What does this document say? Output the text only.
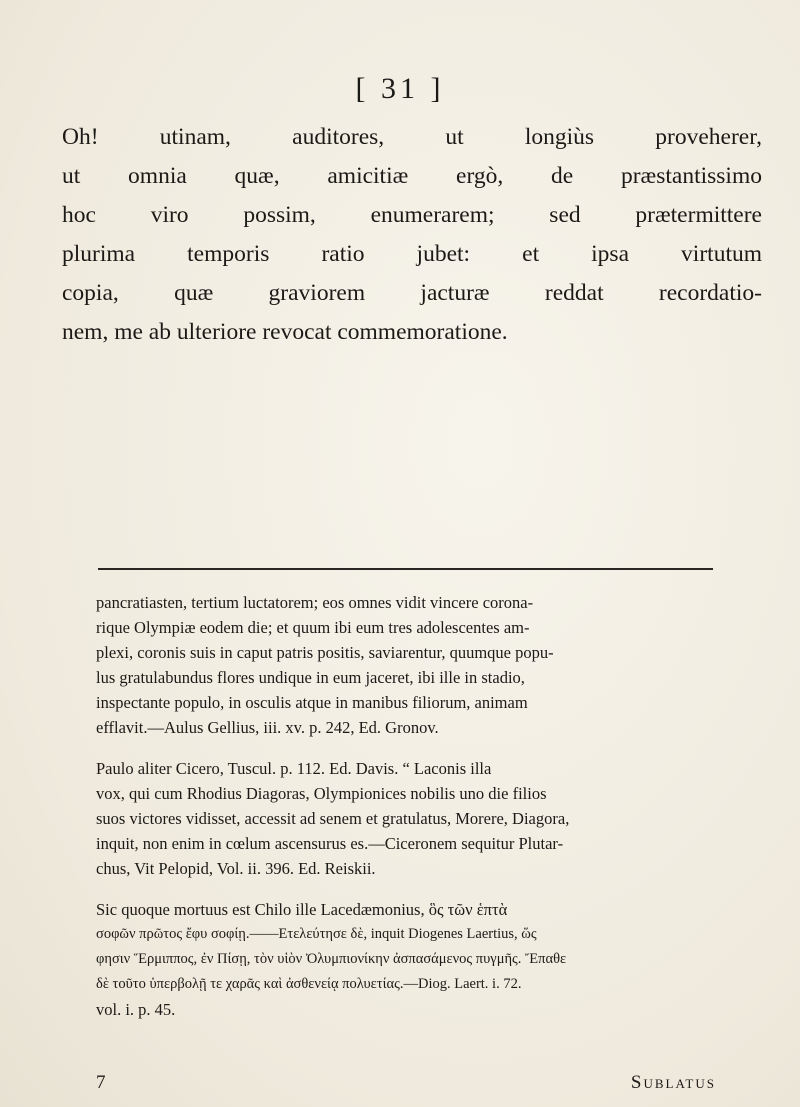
[ 31 ]

Oh! utinam, auditores, ut longiùs proveherer,
ut omnia quæ, amicitiæ ergò, de præstantissimo
hoc viro possim, enumerarem; sed prætermittere
plurima temporis ratio jubet: et ipsa virtutum
copia, quæ graviorem jacturæ reddat recordatio-
nem, me ab ulteriore revocat commemoratione.

pancratiasten, tertium luctatorem; eos omnes vidit vincere corona-
rique Olympiæ eodem die; et quum ibi eum tres adolescentes am-
plexi, coronis suis in caput patris positis, saviarentur, quumque popu-
lus gratulabundus flores undique in eum jaceret, ibi ille in stadio,
inspectante populo, in osculis atque in manibus filiorum, animam
efflavit.—Aulus Gellius, iii. xv. p. 242, Ed. Gronov.
Paulo aliter Cicero, Tuscul. p. 112. Ed. Davis. “ Laconis illa
vox, qui cum Rhodius Diagoras, Olympionices nobilis uno die filios
suos victores vidisset, accessit ad senem et gratulatus, Morere, Diagora,
inquit, non enim in cœlum ascensurus es.—Ciceronem sequitur Plutar-
chus, Vit Pelopid, Vol. ii. 396. Ed. Reiskii.
Sic quoque mortuus est Chilo ille Lacedæmonius, ὃς τῶν ἑπτὰ
σοφῶν πρῶτος ἔφυ σοφίῃ.——Ετελεύτησε δὲ, inquit Diogenes Laertius, ὥς
φησιν Ἕρμιππος, ἐν Πίσῃ, τὸν υἱὸν Ὀλυμπιονίκην ἀσπασάμενος πυγμῆς. Ἔπαθε
δὲ τοῦτο ὑπερβολῇ τε χαρᾶς καὶ ἀσθενείᾳ πολυετίας.—Diog. Laert. i. 72.
vol. i. p. 45.
7	Sublatus
